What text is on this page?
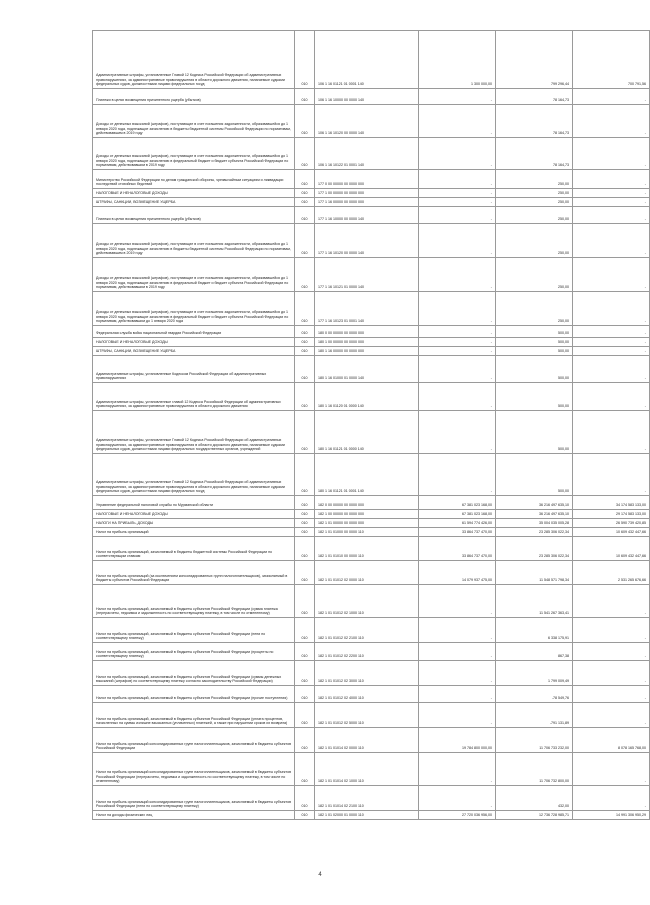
Административные штрафы, установленные Главой 12 Кодекса Российской Федерации об административных правонарушениях, за административные правонарушения в области дорожного движения, налагаемые судьями федеральных судов, должностными лицами федеральных госуд	010	106 1 16 01121 01 0001 140	1 300 000,00	799 296,44	700 791,56
Платежи в целях возмещения причиненного ущерба (убытков)	010	106 1 16 10000 00 0000 140	-	78 164,73	-
Доходы от денежных взысканий (штрафов), поступающие в счет погашения задолженности, образовавшейся до 1 января 2020 года, подлежащие зачислению в бюджеты бюджетной системы Российской Федерации по нормативам, действовавшим в 2019 году	010	106 1 16 10120 00 0000 140	-	78 164,73	-
Доходы от денежных взысканий (штрафов), поступающие в счет погашения задолженности, образовавшейся до 1 января 2020 года, подлежащие зачислению в федеральный бюджет и бюджет субъекта Российской Федерации по нормативам, действовавшим в 2019 году	010	106 1 16 10122 01 0001 140	-	78 164,73	-
Министерство Российской Федерации по делам гражданской обороны, чрезвычайным ситуациям и ликвидации последствий стихийных бедствий	010	177 0 00 00000 00 0000 000	-	250,00	-
НАЛОГОВЫЕ И НЕНАЛОГОВЫЕ ДОХОДЫ	010	177 1 00 00000 00 0000 000	-	250,00	-
ШТРАФЫ, САНКЦИИ, ВОЗМЕЩЕНИЕ УЩЕРБА	010	177 1 16 00000 00 0000 000	-	250,00	-
Платежи в целях возмещения причиненного ущерба (убытков)	010	177 1 16 10000 00 0000 140	-	250,00	-
Доходы от денежных взысканий (штрафов), поступающие в счет погашения задолженности, образовавшейся до 1 января 2020 года, подлежащие зачислению в бюджеты бюджетной системы Российской Федерации по нормативам, действовавшим в 2019 году	010	177 1 16 10120 00 0000 140	-	250,00	-
Доходы от денежных взысканий (штрафов), поступающие в счет погашения задолженности, образовавшейся до 1 января 2020 года, подлежащие зачислению в федеральный бюджет и бюджет субъекта Российской Федерации по нормативам, действовавшим в 2019 году	010	177 1 16 10121 01 0000 140	-	250,00	-
Доходы от денежных взысканий (штрафов), поступающие в счет погашения задолженности, образовавшейся до 1 января 2020 года, подлежащие зачислению в федеральный бюджет и бюджет субъекта Российской Федерации по нормативам, действовавшим до 1 января 2020 года	010	177 1 16 10123 01 0001 140	-	250,00	-
Федеральная служба войск национальной гвардии Российской Федерации	010	180 0 00 00000 00 0000 000	-	500,00	-
НАЛОГОВЫЕ И НЕНАЛОГОВЫЕ ДОХОДЫ	010	180 1 00 00000 00 0000 000	-	500,00	-
ШТРАФЫ, САНКЦИИ, ВОЗМЕЩЕНИЕ УЩЕРБА	010	180 1 16 00000 00 0000 000	-	500,00	-
Административные штрафы, установленные Кодексом Российской Федерации об административных правонарушениях	010	180 1 16 01000 01 0000 140	-	500,00	-
Административные штрафы, установленные главой 12 Кодекса Российской Федерации об административных правонарушениях, за административные правонарушения в области дорожного движения	010	180 1 16 01120 01 0000 140	-	500,00	-
Административные штрафы, установленные Главой 12 Кодекса Российской Федерации об административных правонарушениях, за административные правонарушения в области дорожного движения, налагаемые судьями федеральных судов, должностными лицами федеральных государственных органов, учреждений	010	180 1 16 01121 01 0000 140	-	500,00	-
Административные штрафы, установленные Главой 12 Кодекса Российской Федерации об административных правонарушениях, за административные правонарушения в области дорожного движения, налагаемые судьями федеральных судов, должностными лицами федеральных госуд	010	180 1 16 01121 01 0001 140	-	500,00	-
Управление федеральной налоговой службы по Мурманской области	010	182 0 00 00000 00 0000 000	67 381 023 168,00	36 216 497 635,10	34 174 583 133,00
НАЛОГОВЫЕ И НЕНАЛОГОВЫЕ ДОХОДЫ	010	182 1 00 00000 00 0000 000	67 381 023 168,00	36 216 497 635,10	29 174 583 133,00
НАЛОГИ НА ПРИБЫЛЬ, ДОХОДЫ	010	182 1 01 00000 00 0000 000	61 594 774 426,00	35 004 035 005,28	26 590 739 420,85
Налог на прибыль организаций	010	182 1 01 01000 00 0000 110	33 864 737 470,00	23 285 306 022,34	10 609 432 447,66
Налог на прибыль организаций, зачисляемый в бюджеты бюджетной системы Российской Федерации по соответствующим ставкам	010	182 1 01 01010 00 0000 110	33 864 737 470,00	23 285 306 022,34	10 609 432 447,66
Налог на прибыль организаций (за исключением консолидированных групп налогоплательщиков), зачисляемый в бюджеты субъектов Российской Федерации	010	182 1 01 01012 02 0000 110	14 079 937 475,00	11 548 571 798,34	2 531 265 676,66
Налог на прибыль организаций, зачисляемый в бюджеты субъектов Российской Федерации (сумма платежа (перерасчеты, недоимка и задолженность по соответствующему платежу, в том числе по отмененному)	010	182 1 01 01012 02 1000 110	-	11 541 267 363,41	-
Налог на прибыль организаций, зачисляемый в бюджеты субъектов Российской Федерации (пени по соответствующему платежу)	010	182 1 01 01012 02 2100 110	-	6 338 175,91	-
Налог на прибыль организаций, зачисляемый в бюджеты субъектов Российской Федерации (проценты по соответствующему платежу)	010	182 1 01 01012 02 2200 110	-	867,38	-
Налог на прибыль организаций, зачисляемый в бюджеты субъектов Российской Федерации (суммы денежных взысканий (штрафов) по соответствующему платежу согласно законодательству Российской Федерации)	010	182 1 01 01012 02 3000 110	-	1 799 009,49	-
Налог на прибыль организаций, зачисляемый в бюджеты субъектов Российской Федерации (прочие поступления)	010	182 1 01 01012 02 4000 110	-	-78 549,76	-
Налог на прибыль организаций, зачисляемый в бюджеты субъектов Российской Федерации (уплата процентов, начисленных на суммы излишне взысканных (уплаченных) платежей, а также при нарушении сроков их возврата)	010	182 1 01 01012 02 5000 110	-	-791 131,89	-
Налог на прибыль организаций консолидированных групп налогоплательщиков, зачисляемый в бюджеты субъектов Российской Федерации	010	182 1 01 01014 02 0000 110	19 784 800 000,00	11 706 733 232,00	8 078 165 768,00
Налог на прибыль организаций консолидированных групп налогоплательщиков, зачисляемый в бюджеты субъектов Российской Федерации (перерасчеты, недоимка и задолженность по соответствующему платежу, в том числе по отмененному)	010	182 1 01 01014 02 1000 110	-	11 706 732 800,00	-
Налог на прибыль организаций консолидированных групп налогоплательщиков, зачисляемый в бюджеты субъектов Российской Федерации (пени по соответствующему платежу)	010	182 1 01 01014 02 2100 110	-	432,00	-
Налог на доходы физических лиц	010	182 1 01 02000 01 0000 110	27 720 036 956,00	12 736 728 985,71	14 991 306 950,29
4
